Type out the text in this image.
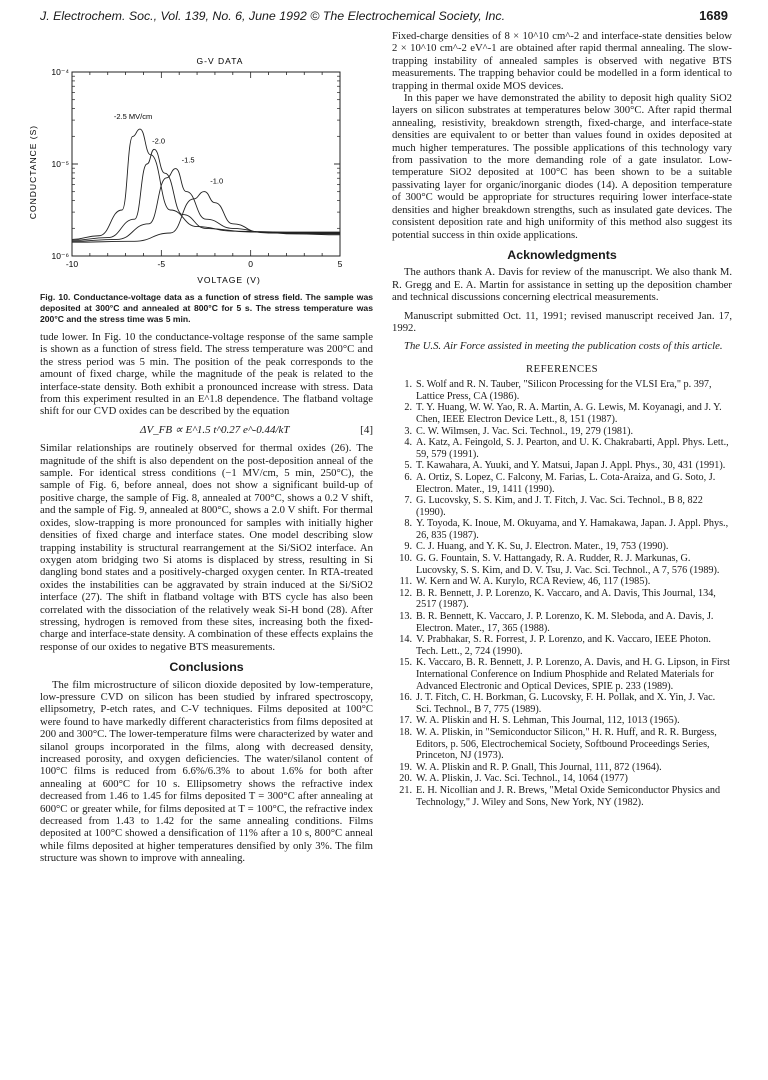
J. Electrochem. Soc., Vol. 139, No. 6, June 1992 © The Electrochemical Society, Inc.	1689
G-V DATA
CONDUCTANCE (S)
VOLTAGE (V)
-10	-5	0	5
10⁻⁴
10⁻⁵
10⁻⁶
-2.5 MV/cm
-2.0
-1.5
-1.0

Fig. 10. Conductance-voltage data as a function of stress field. The sample was deposited at 300°C and annealed at 800°C for 5 s. The stress temperature was 200°C and the stress time was 5 min.

tude lower. In Fig. 10 the conductance-voltage response of the same sample is shown as a function of stress field. The stress temperature was 200°C and the stress period was 5 min. The position of the peak corresponds to the amount of fixed charge, while the magnitude of the peak is related to the interface-state density. Both exhibit a pronounced increase with stress. Data from this experiment resulted in an E^1.8 dependence. The flatband voltage shift for our CVD oxides can be described by the equation

ΔV_FB ∝ E^1.5 t^0.27 e^-0.44/kT	[4]

Similar relationships are routinely observed for thermal oxides (26). The magnitude of the shift is also dependent on the post-deposition anneal of the sample. For identical stress conditions (−1 MV/cm, 5 min, 250°C), the sample of Fig. 6, before anneal, does not show a significant build-up of positive charge, the sample of Fig. 8, annealed at 700°C, shows a 0.2 V shift, and the sample of Fig. 9, annealed at 800°C, shows a 2.0 V shift. For thermal oxides, slow-trapping is more pronounced for samples with initially higher densities of fixed charge and interface states. One model describing slow trapping instability is structural rearrangement at the Si/SiO2 interface. An oxygen atom bridging two Si atoms is displaced by stress, resulting in Si dangling bond states and a positively-charged oxygen center. In RTA-treated oxides the instabilities can be aggravated by strain induced at the Si/SiO2 interface (27). The shift in flatband voltage with BTS cycle has also been correlated with the dissociation of the relatively weak Si-H bond (28). After stressing, hydrogen is removed from these sites, increasing both the fixed-charge and interface-state density. A combination of these effects explains the response of our oxides to negative BTS measurements.

Conclusions

The film microstructure of silicon dioxide deposited by low-temperature, low-pressure CVD on silicon has been studied by infrared spectroscopy, ellipsometry, P-etch rates, and C-V techniques. Films deposited at 100°C were found to have markedly different characteristics from films deposited at 200 and 300°C. The lower-temperature films were characterized by water and silanol groups incorporated in the films, along with decreased density, increased porosity, and oxygen deficiencies. The water/silanol content of 100°C films is reduced from 6.6%/6.3% to about 1.6% for both after annealing at 600°C for 10 s. Ellipsometry shows the refractive index decreased from 1.46 to 1.45 for films deposited T = 300°C after annealing at 600°C or greater while, for films deposited at T = 100°C, the refractive index decreased from 1.43 to 1.42 for the same annealing conditions. Films deposited at 100°C showed a densification of 11% after a 10 s, 800°C anneal while films deposited at higher temperatures densified by only 3%. The film structure was shown to improve with annealing.

Fixed-charge densities of 8 × 10^10 cm^-2 and interface-state densities below 2 × 10^10 cm^-2 eV^-1 are obtained after rapid thermal annealing. The slow-trapping instability of annealed samples is observed with negative BTS measurements. The trapping behavior could be modelled in a form identical to trapping in thermal oxide MOS devices.

In this paper we have demonstrated the ability to deposit high quality SiO2 layers on silicon substrates at temperatures below 300°C. After rapid thermal annealing, resistivity, breakdown strength, fixed-charge, and interface-state densities are equivalent to or better than values found in oxides deposited at much higher temperatures. The possible applications of this technology vary from passivation to the more demanding role of a gate insulator. Low-temperature SiO2 deposited at 100°C has been shown to be a suitable passivating layer for organic/inorganic diodes (14). A deposition temperature of 300°C would be appropriate for structures requiring lower interface-state densities and higher breakdown strengths, such as insulated gate devices. The consistent deposition rate and high uniformity of this method also suggest its potential success in thin oxide applications.

Acknowledgments

The authors thank A. Davis for review of the manuscript. We also thank M. R. Gregg and E. A. Martin for assistance in setting up the deposition chamber and technical discussions concerning electrical measurements.

Manuscript submitted Oct. 11, 1991; revised manuscript received Jan. 17, 1992.

The U.S. Air Force assisted in meeting the publication costs of this article.

REFERENCES
1. S. Wolf and R. N. Tauber, "Silicon Processing for the VLSI Era," p. 397, Lattice Press, CA (1986).
2. T. Y. Huang, W. W. Yao, R. A. Martin, A. G. Lewis, M. Koyanagi, and J. Y. Chen, IEEE Electron Device Lett., 8, 151 (1987).
3. C. W. Wilmsen, J. Vac. Sci. Technol., 19, 279 (1981).
4. A. Katz, A. Feingold, S. J. Pearton, and U. K. Chakrabarti, Appl. Phys. Lett., 59, 579 (1991).
5. T. Kawahara, A. Yuuki, and Y. Matsui, Japan J. Appl. Phys., 30, 431 (1991).
6. A. Ortiz, S. Lopez, C. Falcony, M. Farias, L. Cota-Araiza, and G. Soto, J. Electron. Mater., 19, 1411 (1990).
7. G. Lucovsky, S. S. Kim, and J. T. Fitch, J. Vac. Sci. Technol., B 8, 822 (1990).
8. Y. Toyoda, K. Inoue, M. Okuyama, and Y. Hamakawa, Japan. J. Appl. Phys., 26, 835 (1987).
9. C. J. Huang, and Y. K. Su, J. Electron. Mater., 19, 753 (1990).
10. G. G. Fountain, S. V. Hattangady, R. A. Rudder, R. J. Markunas, G. Lucovsky, S. S. Kim, and D. V. Tsu, J. Vac. Sci. Technol., A 7, 576 (1989).
11. W. Kern and W. A. Kurylo, RCA Review, 46, 117 (1985).
12. B. R. Bennett, J. P. Lorenzo, K. Vaccaro, and A. Davis, This Journal, 134, 2517 (1987).
13. B. R. Bennett, K. Vaccaro, J. P. Lorenzo, K. M. Sleboda, and A. Davis, J. Electron. Mater., 17, 365 (1988).
14. V. Prabhakar, S. R. Forrest, J. P. Lorenzo, and K. Vaccaro, IEEE Photon. Tech. Lett., 2, 724 (1990).
15. K. Vaccaro, B. R. Bennett, J. P. Lorenzo, A. Davis, and H. G. Lipson, in First International Conference on Indium Phosphide and Related Materials for Advanced Electronic and Optical Devices, SPIE p. 233 (1989).
16. J. T. Fitch, C. H. Borkman, G. Lucovsky, F. H. Pollak, and X. Yin, J. Vac. Sci. Technol., B 7, 775 (1989).
17. W. A. Pliskin and H. S. Lehman, This Journal, 112, 1013 (1965).
18. W. A. Pliskin, in "Semiconductor Silicon," H. R. Huff, and R. R. Burgess, Editors, p. 506, Electrochemical Society, Softbound Proceedings Series, Princeton, NJ (1973).
19. W. A. Pliskin and R. P. Gnall, This Journal, 111, 872 (1964).
20. W. A. Pliskin, J. Vac. Sci. Technol., 14, 1064 (1977)
21. E. H. Nicollian and J. R. Brews, "Metal Oxide Semiconductor Physics and Technology," J. Wiley and Sons, New York, NY (1982).
